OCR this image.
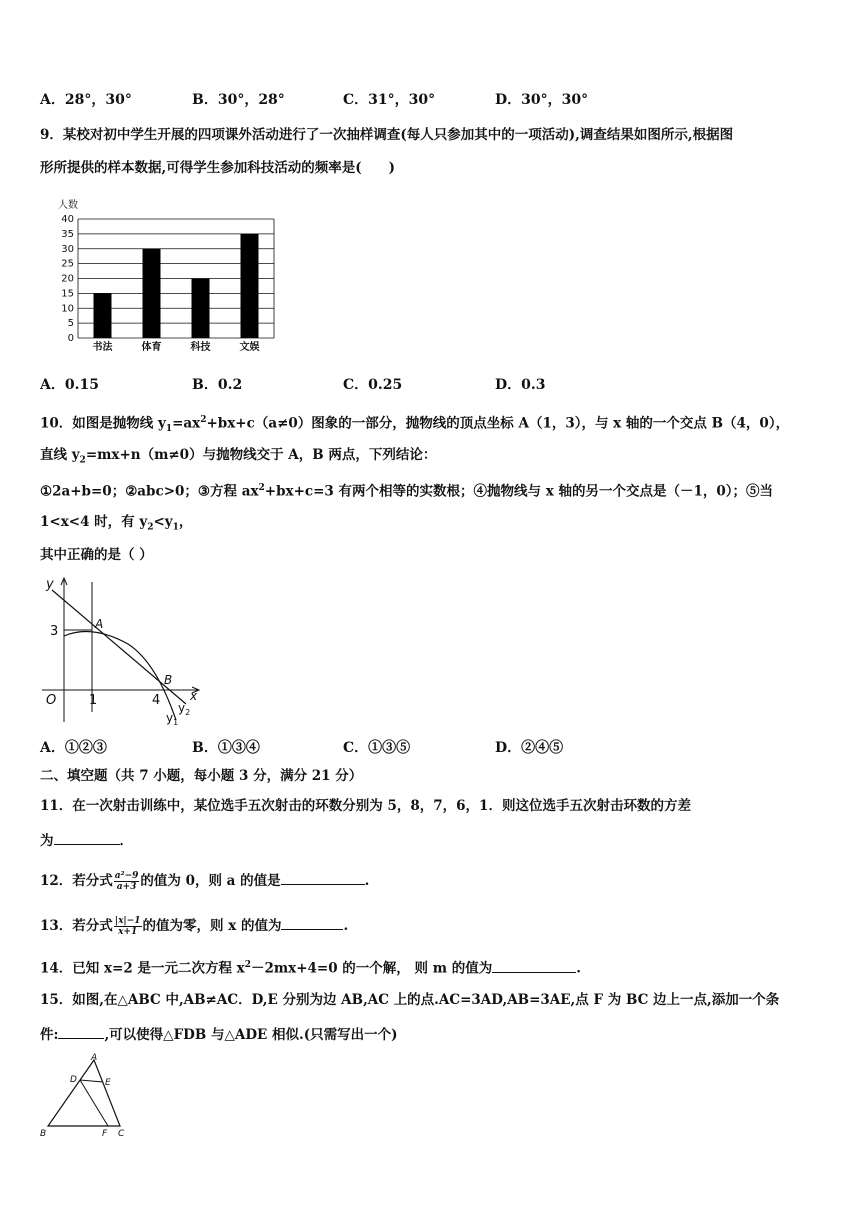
A．28°，30°	B．30°，28°	C．31°，30°	D．30°，30°
9．某校对初中学生开展的四项课外活动进行了一次抽样调查(每人只参加其中的一项活动),调查结果如图所示,根据图
形所提供的样本数据,可得学生参加科技活动的频率是(　　)
人数
0
5
10
15
20
25
30
35
40
书法	体育	科技	文娱
A．0.15	B．0.2	C．0.25	D．0.3
10．如图是抛物线 $y_1=ax^2+bx+c(a\ne 0)$图象的一部分，抛物线的顶点坐标 A（1，3），与 x 轴的一个交点 B（4，0），
直线 $y_2=mx+n(m\ne 0)$与抛物线交于 A，B 两点，下列结论：
①2a+b=0；②abc>0；③方程 $ax^2+bx+c=3$ 有两个相等的实数根；④抛物线与 x 轴的另一个交点是（－1，0）；⑤当
1<x<4 时，有 $y_2<y_1$，
其中正确的是（ ）
y
x
O
3
1	4
A
B
$y_2$
$y_1$
A．①②③	B．①③④	C．①③⑤	D．②④⑤
二、填空题（共 7 小题，每小题 3 分，满分 21 分）
11．在一次射击训练中，某位选手五次射击的环数分别为 5，8，7，6，1．则这位选手五次射击环数的方差
为	．
12．若分式 $\frac{\text{a²−9}}{a+3}$ 的值为 0，则 a 的值是	.
13．若分式 $\frac{|x|-1}{x+1}$ 的值为零，则 x 的值为	.
14．已知 x=2 是一元二次方程 $x^2-2mx+4=0$ 的一个解， 则 m 的值为	.
15．如图,在△ABC 中,AB≠AC．D,E 分别为边 AB,AC 上的点.AC=3AD,AB=3AE,点 F 为 BC 边上一点,添加一个条
件:	,可以使得△FDB 与△ADE 相似.(只需写出一个)
A
B	C
D	E
F
